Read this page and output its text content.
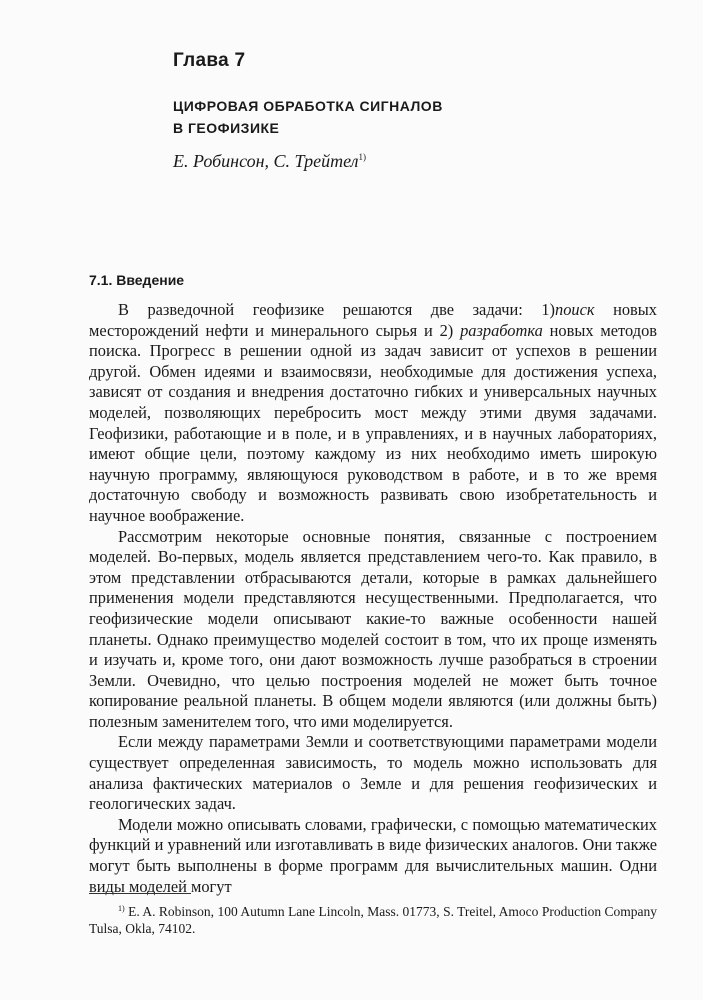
Глава 7
ЦИФРОВАЯ ОБРАБОТКА СИГНАЛОВ
В ГЕОФИЗИКЕ
Е. Робинсон, С. Трейтел$^{1)}$
7.1. Введение

В разведочной геофизике решаются две задачи: 1)поиск новых месторождений нефти и минерального сырья и 2) разработка новых методов поиска. Прогресс в решении одной из задач зависит от успехов в решении другой. Обмен идеями и взаимосвязи, необходимые для достижения успеха, зависят от создания и внедрения достаточно гибких и универсальных научных моделей, позволяющих перебросить мост между этими двумя задачами. Геофизики, работающие и в поле, и в управлениях, и в научных лабораториях, имеют общие цели, поэтому каждому из них необходимо иметь широкую научную программу, являющуюся руководством в работе, и в то же время достаточную свободу и возможность развивать свою изобретательность и научное воображение.

Рассмотрим некоторые основные понятия, связанные с построением моделей. Во-первых, модель является представлением чего-то. Как правило, в этом представлении отбрасываются детали, которые в рамках дальнейшего применения модели представляются несущественными. Предполагается, что геофизические модели описывают какие-то важные особенности нашей планеты. Однако преимущество моделей состоит в том, что их проще изменять и изучать и, кроме того, они дают возможность лучше разобраться в строении Земли. Очевидно, что целью построения моделей не может быть точное копирование реальной планеты. В общем модели являются (или должны быть) полезным заменителем того, что ими моделируется.

Если между параметрами Земли и соответствующими параметрами модели существует определенная зависимость, то модель можно использовать для анализа фактических материалов о Земле и для решения геофизических и геологических задач.

Модели можно описывать словами, графически, с помощью математических функций и уравнений или изготавливать в виде физических аналогов. Они также могут быть выполнены в форме программ для вычислительных машин. Одни виды моделей могут

$^{1)}$ E. A. Robinson, 100 Autumn Lane Lincoln, Mass. 01773, S. Treitel, Amoco Production Company Tulsa, Okla, 74102.
